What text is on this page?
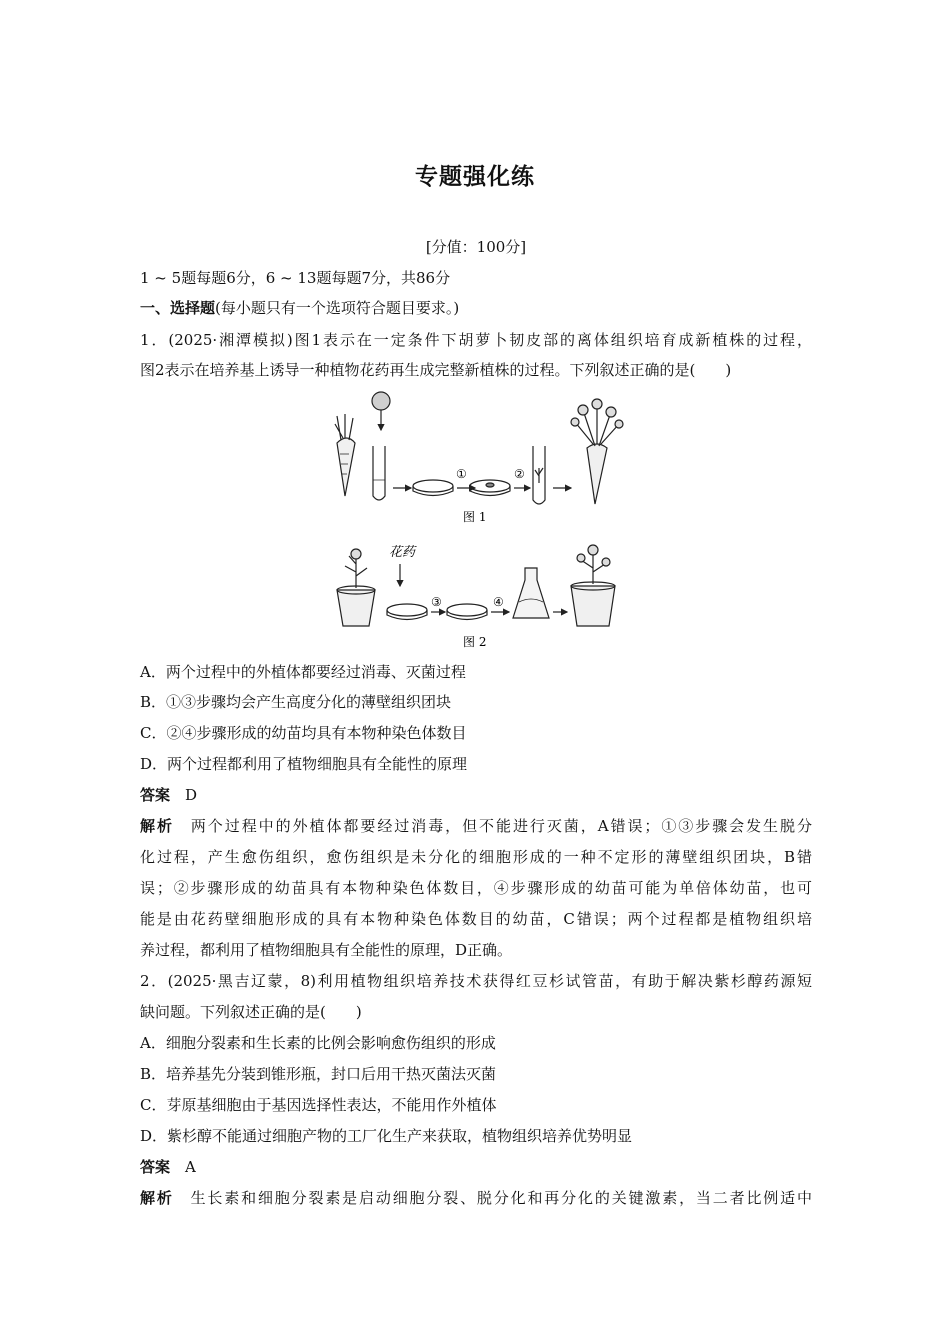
专题强化练
[分值：100分]
1 ~ 5题每题6分，6 ~ 13题每题7分，共86分
一、选择题(每小题只有一个选项符合题目要求。)
1．(2025·湘潭模拟)图1表示在一定条件下胡萝卜韧皮部的离体组织培育成新植株的过程，
图2表示在培养基上诱导一种植物花药再生成完整新植株的过程。下列叙述正确的是(　　)
①	②
图 1
花药
③	④
图 2
A．两个过程中的外植体都要经过消毒、灭菌过程
B．①③步骤均会产生高度分化的薄壁组织团块
C．②④步骤形成的幼苗均具有本物种染色体数目
D．两个过程都利用了植物细胞具有全能性的原理
答案　 D
解析　 两个过程中的外植体都要经过消毒，但不能进行灭菌，A错误；①③步骤会发生脱分
化过程，产生愈伤组织，愈伤组织是未分化的细胞形成的一种不定形的薄壁组织团块，B错
误；②步骤形成的幼苗具有本物种染色体数目，④步骤形成的幼苗可能为单倍体幼苗，也可
能是由花药壁细胞形成的具有本物种染色体数目的幼苗，C错误；两个过程都是植物组织培
养过程，都利用了植物细胞具有全能性的原理，D正确。
2．(2025·黑吉辽蒙，8)利用植物组织培养技术获得红豆杉试管苗，有助于解决紫杉醇药源短
缺问题。下列叙述正确的是(　　)
A．细胞分裂素和生长素的比例会影响愈伤组织的形成
B．培养基先分装到锥形瓶，封口后用干热灭菌法灭菌
C．芽原基细胞由于基因选择性表达，不能用作外植体
D．紫杉醇不能通过细胞产物的工厂化生产来获取，植物组织培养优势明显
答案　 A
解析　 生长素和细胞分裂素是启动细胞分裂、脱分化和再分化的关键激素，当二者比例适中
